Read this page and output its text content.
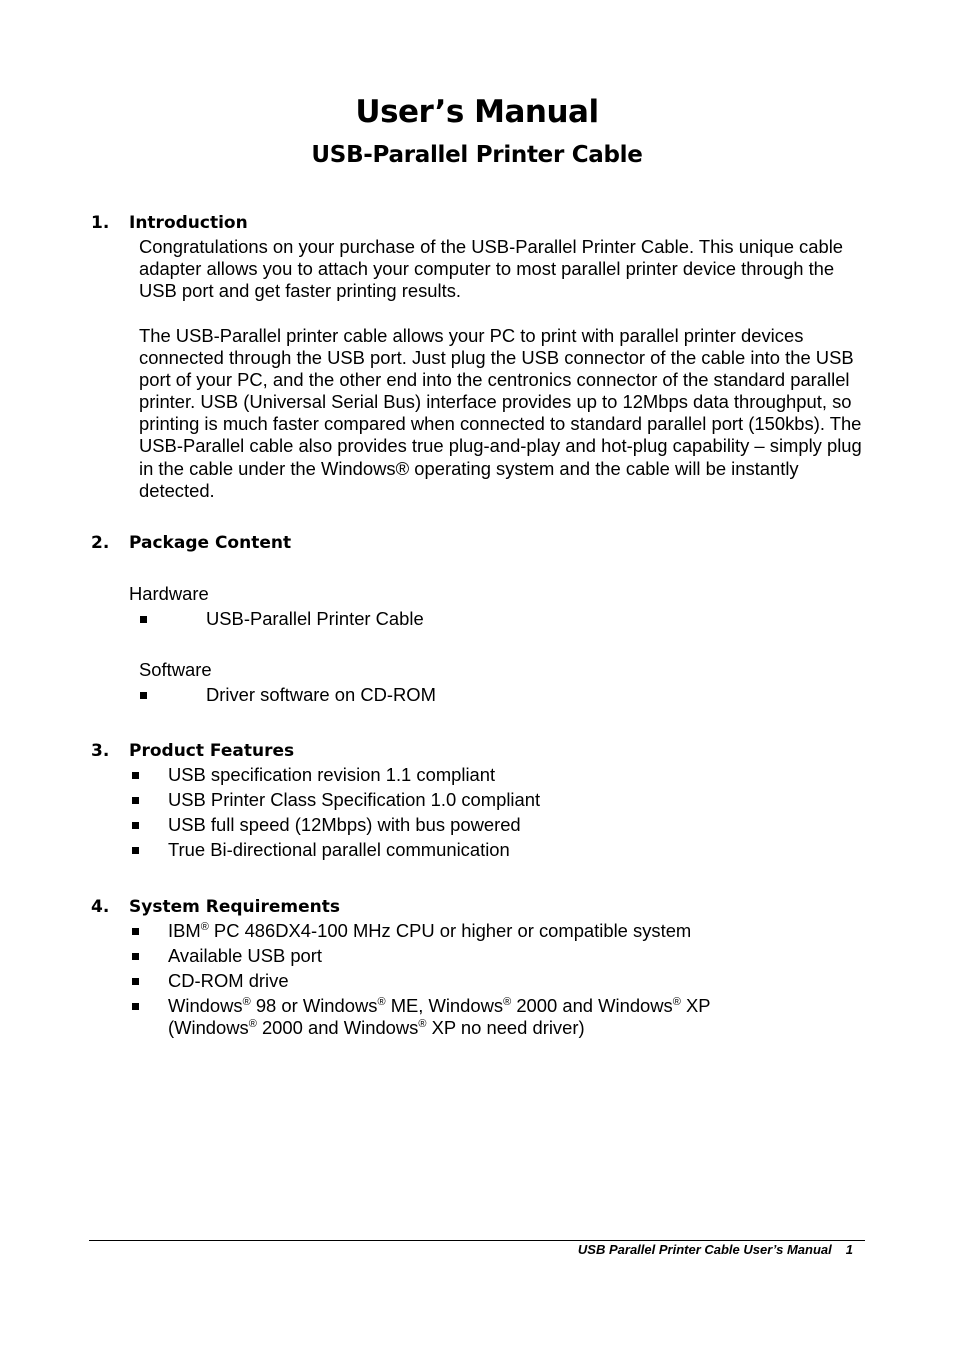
User’s Manual
USB-Parallel Printer Cable
1. Introduction

Congratulations on your purchase of the USB-Parallel Printer Cable. This unique cable adapter allows you to attach your computer to most parallel printer device through the USB port and get faster printing results.

The USB-Parallel printer cable allows your PC to print with parallel printer devices connected through the USB port. Just plug the USB connector of the cable into the USB port of your PC, and the other end into the centronics connector of the standard parallel printer. USB (Universal Serial Bus) interface provides up to 12Mbps data throughput, so printing is much faster compared when connected to standard parallel port (150kbs). The USB-Parallel cable also provides true plug-and-play and hot-plug capability – simply plug in the cable under the Windows® operating system and the cable will be instantly detected.

2. Package Content

Hardware

USB-Parallel Printer Cable

Software

Driver software on CD-ROM
3. Product Features
USB specification revision 1.1 compliant
USB Printer Class Specification 1.0 compliant
USB full speed (12Mbps) with bus powered
True Bi-directional parallel communication
4. System Requirements
IBM® PC 486DX4-100 MHz CPU or higher or compatible system
Available USB port
CD-ROM drive
Windows® 98 or Windows® ME, Windows® 2000 and Windows® XP
(Windows® 2000 and Windows® XP no need driver)

USB Parallel Printer Cable User’s Manual 1
